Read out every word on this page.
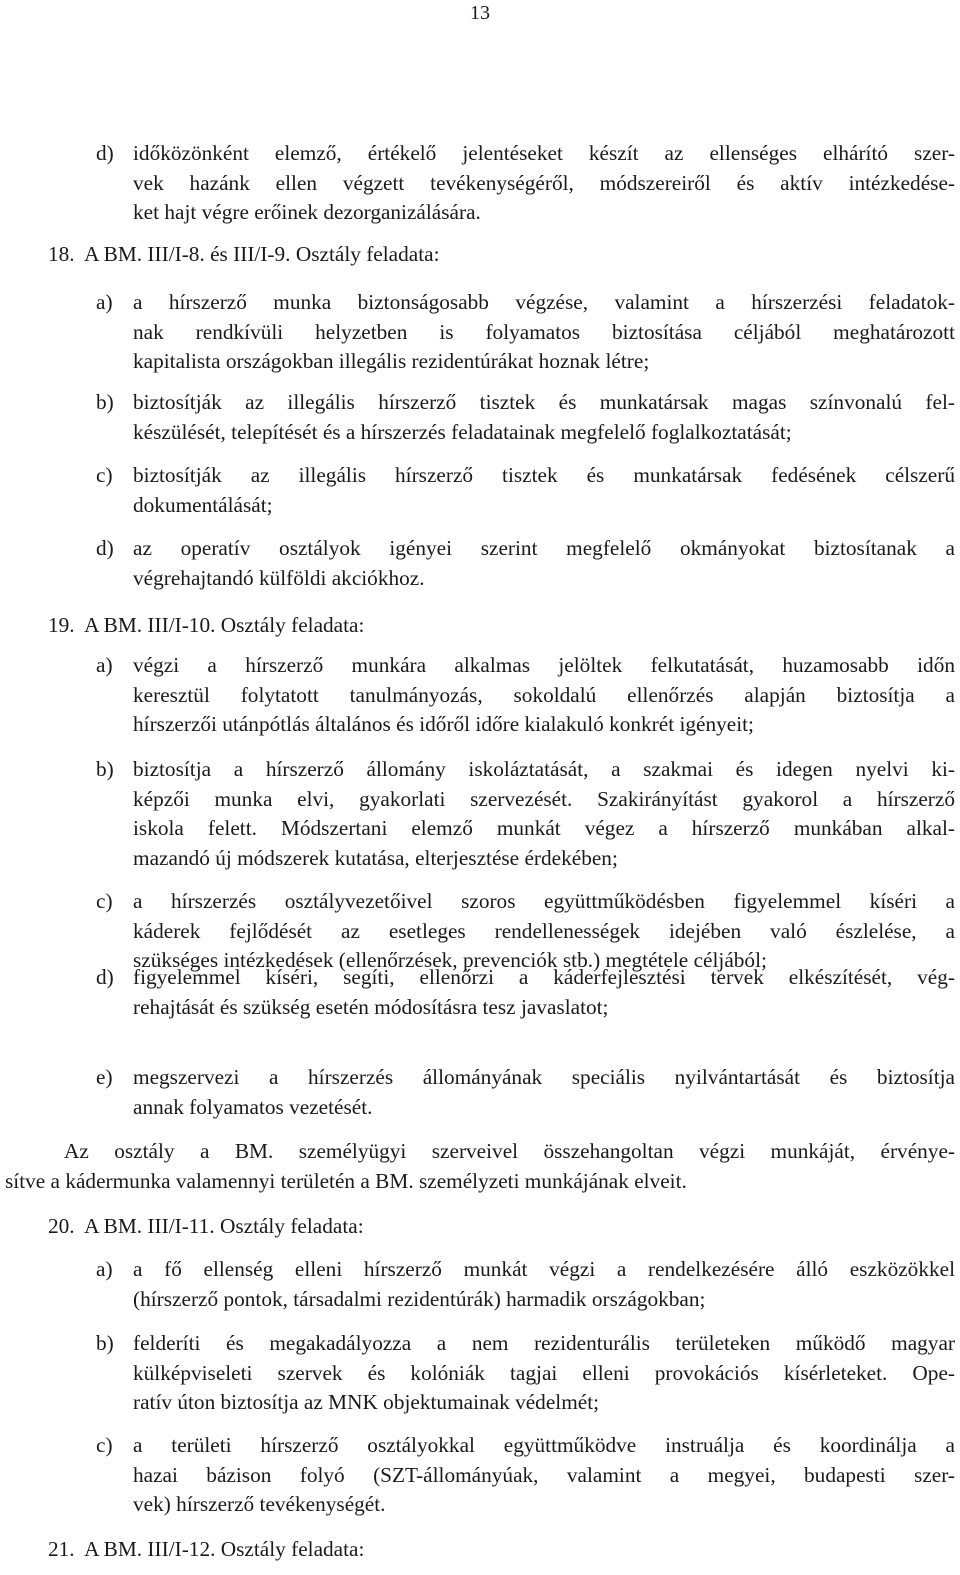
13
d) időközönként elemző, értékelő jelentéseket készít az ellenséges elhárító szer-
vek hazánk ellen végzett tevékenységéről, módszereiről és aktív intézkedése-
ket hajt végre erőinek dezorganizálására.
18.  A BM. III/I-8. és III/I-9. Osztály feladata:
a) a hírszerző munka biztonságosabb végzése, valamint a hírszerzési feladatok-
nak rendkívüli helyzetben is folyamatos biztosítása céljából meghatározott
kapitalista országokban illegális rezidentúrákat hoznak létre;
b) biztosítják az illegális hírszerző tisztek és munkatársak magas színvonalú fel-
készülését, telepítését és a hírszerzés feladatainak megfelelő foglalkoztatását;
c) biztosítják az illegális hírszerző tisztek és munkatársak fedésének célszerű
dokumentálását;
d) az operatív osztályok igényei szerint megfelelő okmányokat biztosítanak a
végrehajtandó külföldi akciókhoz.
19.  A BM. III/I-10. Osztály feladata:
a) végzi a hírszerző munkára alkalmas jelöltek felkutatását, huzamosabb időn
keresztül folytatott tanulmányozás, sokoldalú ellenőrzés alapján biztosítja a
hírszerzői utánpótlás általános és időről időre kialakuló konkrét igényeit;
b) biztosítja a hírszerző állomány iskoláztatását, a szakmai és idegen nyelvi ki-
képzői munka elvi, gyakorlati szervezését. Szakirányítást gyakorol a hírszerző
iskola felett. Módszertani elemző munkát végez a hírszerző munkában alkal-
mazandó új módszerek kutatása, elterjesztése érdekében;
c) a hírszerzés osztályvezetőivel szoros együttműködésben figyelemmel kíséri a
káderek fejlődését az esetleges rendellenességek idejében való észlelése, a
szükséges intézkedések (ellenőrzések, prevenciók stb.) megtétele céljából;
d) figyelemmel kíséri, segíti, ellenőrzi a káderfejlesztési tervek elkészítését, vég-
rehajtását és szükség esetén módosításra tesz javaslatot;
e) megszervezi a hírszerzés állományának speciális nyilvántartását és biztosítja
annak folyamatos vezetését.
Az osztály a BM. személyügyi szerveivel összehangoltan végzi munkáját, érvénye-
sítve a kádermunka valamennyi területén a BM. személyzeti munkájának elveit.
20.  A BM. III/I-11. Osztály feladata:
a) a fő ellenség elleni hírszerző munkát végzi a rendelkezésére álló eszközökkel
(hírszerző pontok, társadalmi rezidentúrák) harmadik országokban;
b) felderíti és megakadályozza a nem rezidenturális területeken működő magyar
külképviseleti szervek és kolóniák tagjai elleni provokációs kísérleteket. Ope-
ratív úton biztosítja az MNK objektumainak védelmét;
c) a területi hírszerző osztályokkal együttműködve instruálja és koordinálja a
hazai bázison folyó (SZT-állományúak, valamint a megyei, budapesti szer-
vek) hírszerző tevékenységét.
21.  A BM. III/I-12. Osztály feladata:
